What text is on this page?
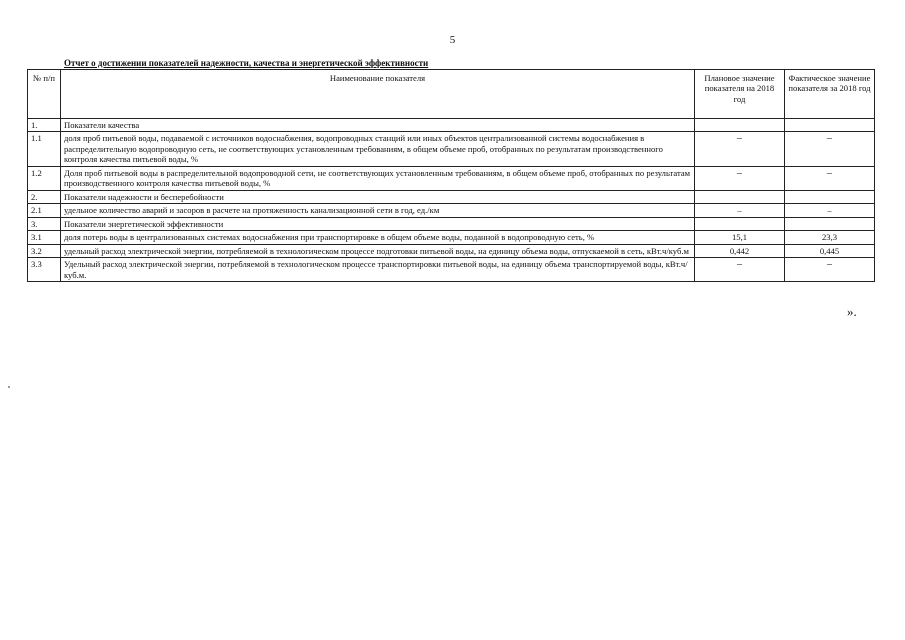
5
Отчет о достижении показателей надежности, качества и энергетической эффективности
№ п/п	Наименование показателя	Плановое значение показателя на 2018 год	Фактическое значение показателя за 2018 год
1.	Показатели качества		
1.1	доля проб питьевой воды, подаваемой с источников водоснабжения, водопроводных станций или иных объектов централизованной системы водоснабжения в распределительную водопроводную сеть, не соответствующих установленным требованиям, в общем объеме проб, отобранных по результатам производственного контроля качества питьевой воды, %	–	–
1.2	Доля проб питьевой воды в распределительной водопроводной сети, не соответствующих установленным требованиям, в общем объеме проб, отобранных по результатам производственного контроля качества питьевой воды, %	–	–
2.	Показатели надежности и бесперебойности		
2.1	удельное количество аварий и засоров в расчете на протяженность канализационной сети в год, ед./км	–	–
3.	Показатели энергетической эффективности		
3.1	доля потерь воды в централизованных системах водоснабжения при транспортировке в общем объеме воды, поданной в водопроводную сеть, %	15,1	23,3
3.2	удельный расход электрической энергии, потребляемой в технологическом процессе подготовки питьевой воды, на единицу объема воды, отпускаемой в сеть, кВт.ч/куб.м	0,442	0,445
3.3	Удельный расход электрической энергии, потребляемой в технологическом процессе транспортировки питьевой воды, на единицу объема транспортируемой воды, кВт.ч/куб.м.	–	–
».
